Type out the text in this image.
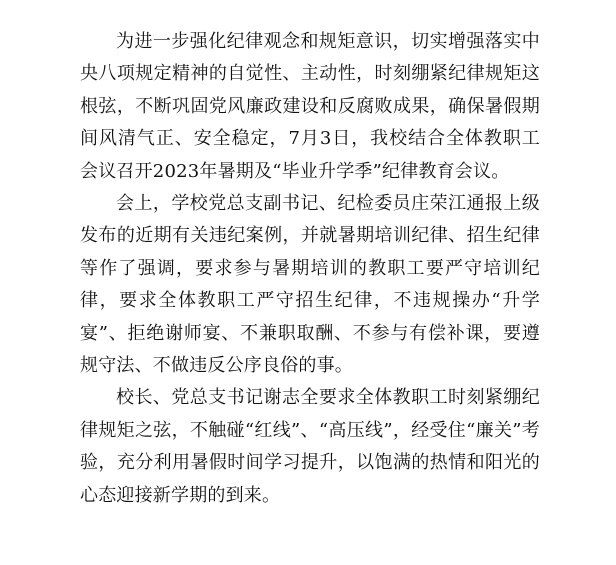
为进一步强化纪律观念和规矩意识，切实增强落实中央八项规定精神的自觉性、主动性，时刻绷紧纪律规矩这根弦，不断巩固党风廉政建设和反腐败成果，确保暑假期间风清气正、安全稳定，7月3日，我校结合全体教职工会议召开2023年暑期及“毕业升学季”纪律教育会议。

会上，学校党总支副书记、纪检委员庄荣江通报上级发布的近期有关违纪案例，并就暑期培训纪律、招生纪律等作了强调，要求参与暑期培训的教职工要严守培训纪律，要求全体教职工严守招生纪律，不违规操办“升学宴”、拒绝谢师宴、不兼职取酬、不参与有偿补课，要遵规守法、不做违反公序良俗的事。

校长、党总支书记谢志全要求全体教职工时刻紧绷纪律规矩之弦，不触碰“红线”、“高压线”，经受住“廉关”考验，充分利用暑假时间学习提升，以饱满的热情和阳光的心态迎接新学期的到来。
